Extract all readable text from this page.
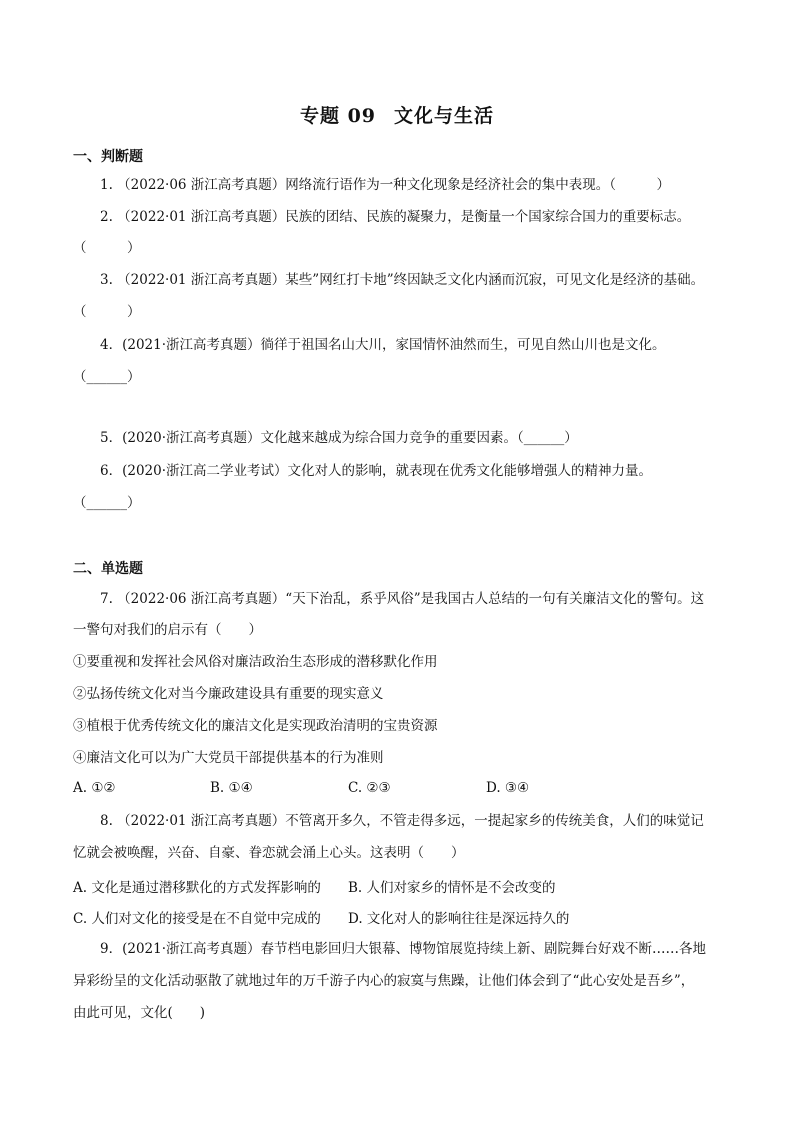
专题 09 文化与生活
一、判断题
1. （2022·06 浙江高考真题）网络流行语作为一种文化现象是经济社会的集中表现。（　　　）
2. （2022·01 浙江高考真题）民族的团结、民族的凝聚力，是衡量一个国家综合国力的重要标志。
（　　　）
3. （2022·01 浙江高考真题）某些”网红打卡地”终因缺乏文化内涵而沉寂，可见文化是经济的基础。
（　　　）
4．(2021·浙江高考真题）徜徉于祖国名山大川，家国情怀油然而生，可见自然山川也是文化。
（______）
5．(2020·浙江高考真题）文化越来越成为综合国力竞争的重要因素。（______）
6．(2020·浙江高二学业考试）文化对人的影响，就表现在优秀文化能够增强人的精神力量。
（______）
二、单选题
7. （2022·06 浙江高考真题）“天下治乱，系乎风俗”是我国古人总结的一句有关廉洁文化的警句。这
一警句对我们的启示有（　　）
①要重视和发挥社会风俗对廉洁政治生态形成的潜移默化作用
②弘扬传统文化对当今廉政建设具有重要的现实意义
③植根于优秀传统文化的廉洁文化是实现政治清明的宝贵资源
④廉洁文化可以为广大党员干部提供基本的行为准则
A. ①②	B. ①④	C. ②③	D. ③④
8. （2022·01 浙江高考真题）不管离开多久，不管走得多远，一提起家乡的传统美食，人们的味觉记
忆就会被唤醒，兴奋、自豪、眷恋就会涌上心头。这表明（　　）
A. 文化是通过潜移默化的方式发挥影响的 B. 人们对家乡的情怀是不会改变的
C. 人们对文化的接受是在不自觉中完成的 D. 文化对人的影响往往是深远持久的
9．(2021·浙江高考真题）春节档电影回归大银幕、博物馆展览持续上新、剧院舞台好戏不断……各地
异彩纷呈的文化活动驱散了就地过年的万千游子内心的寂寞与焦躁，让他们体会到了“此心安处是吾乡”，
由此可见，文化(　　)
